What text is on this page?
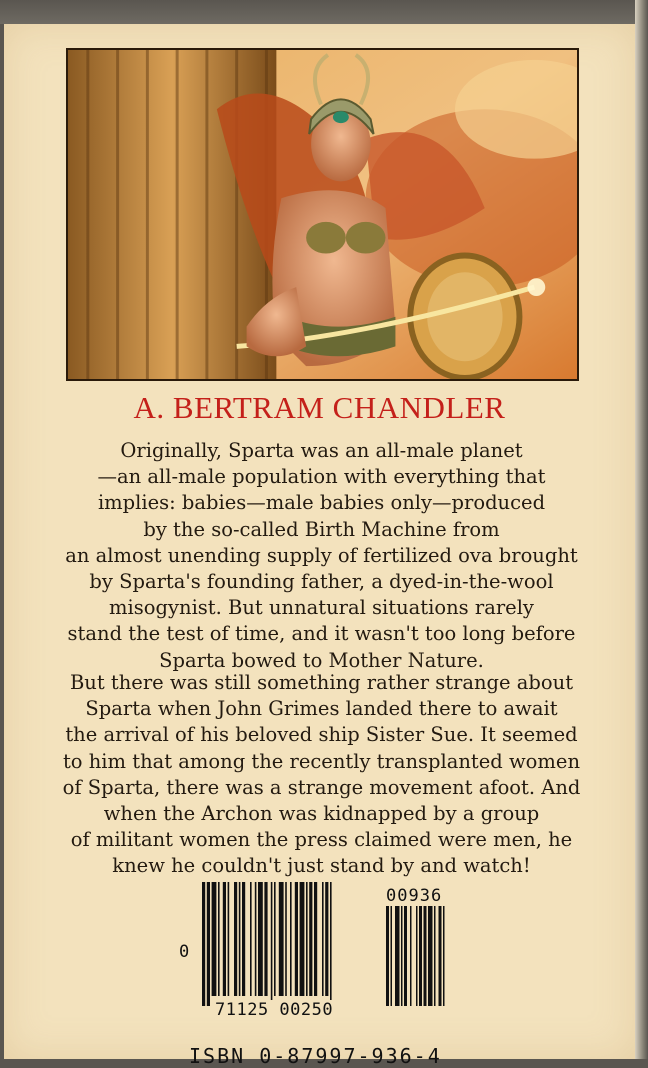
A. BERTRAM CHANDLER
Originally, Sparta was an all-male planet
—an all-male population with everything that
implies: babies—male babies only—produced
by the so-called Birth Machine from
an almost unending supply of fertilized ova brought
by Sparta's founding father, a dyed-in-the-wool
misogynist. But unnatural situations rarely
stand the test of time, and it wasn't too long before
Sparta bowed to Mother Nature.
But there was still something rather strange about
Sparta when John Grimes landed there to await
the arrival of his beloved ship Sister Sue. It seemed
to him that among the recently transplanted women
of Sparta, there was a strange movement afoot. And
when the Archon was kidnapped by a group
of militant women the press claimed were men, he
knew he couldn't just stand by and watch!
0
00936
71125 00250
ISBN 0-87997-936-4
